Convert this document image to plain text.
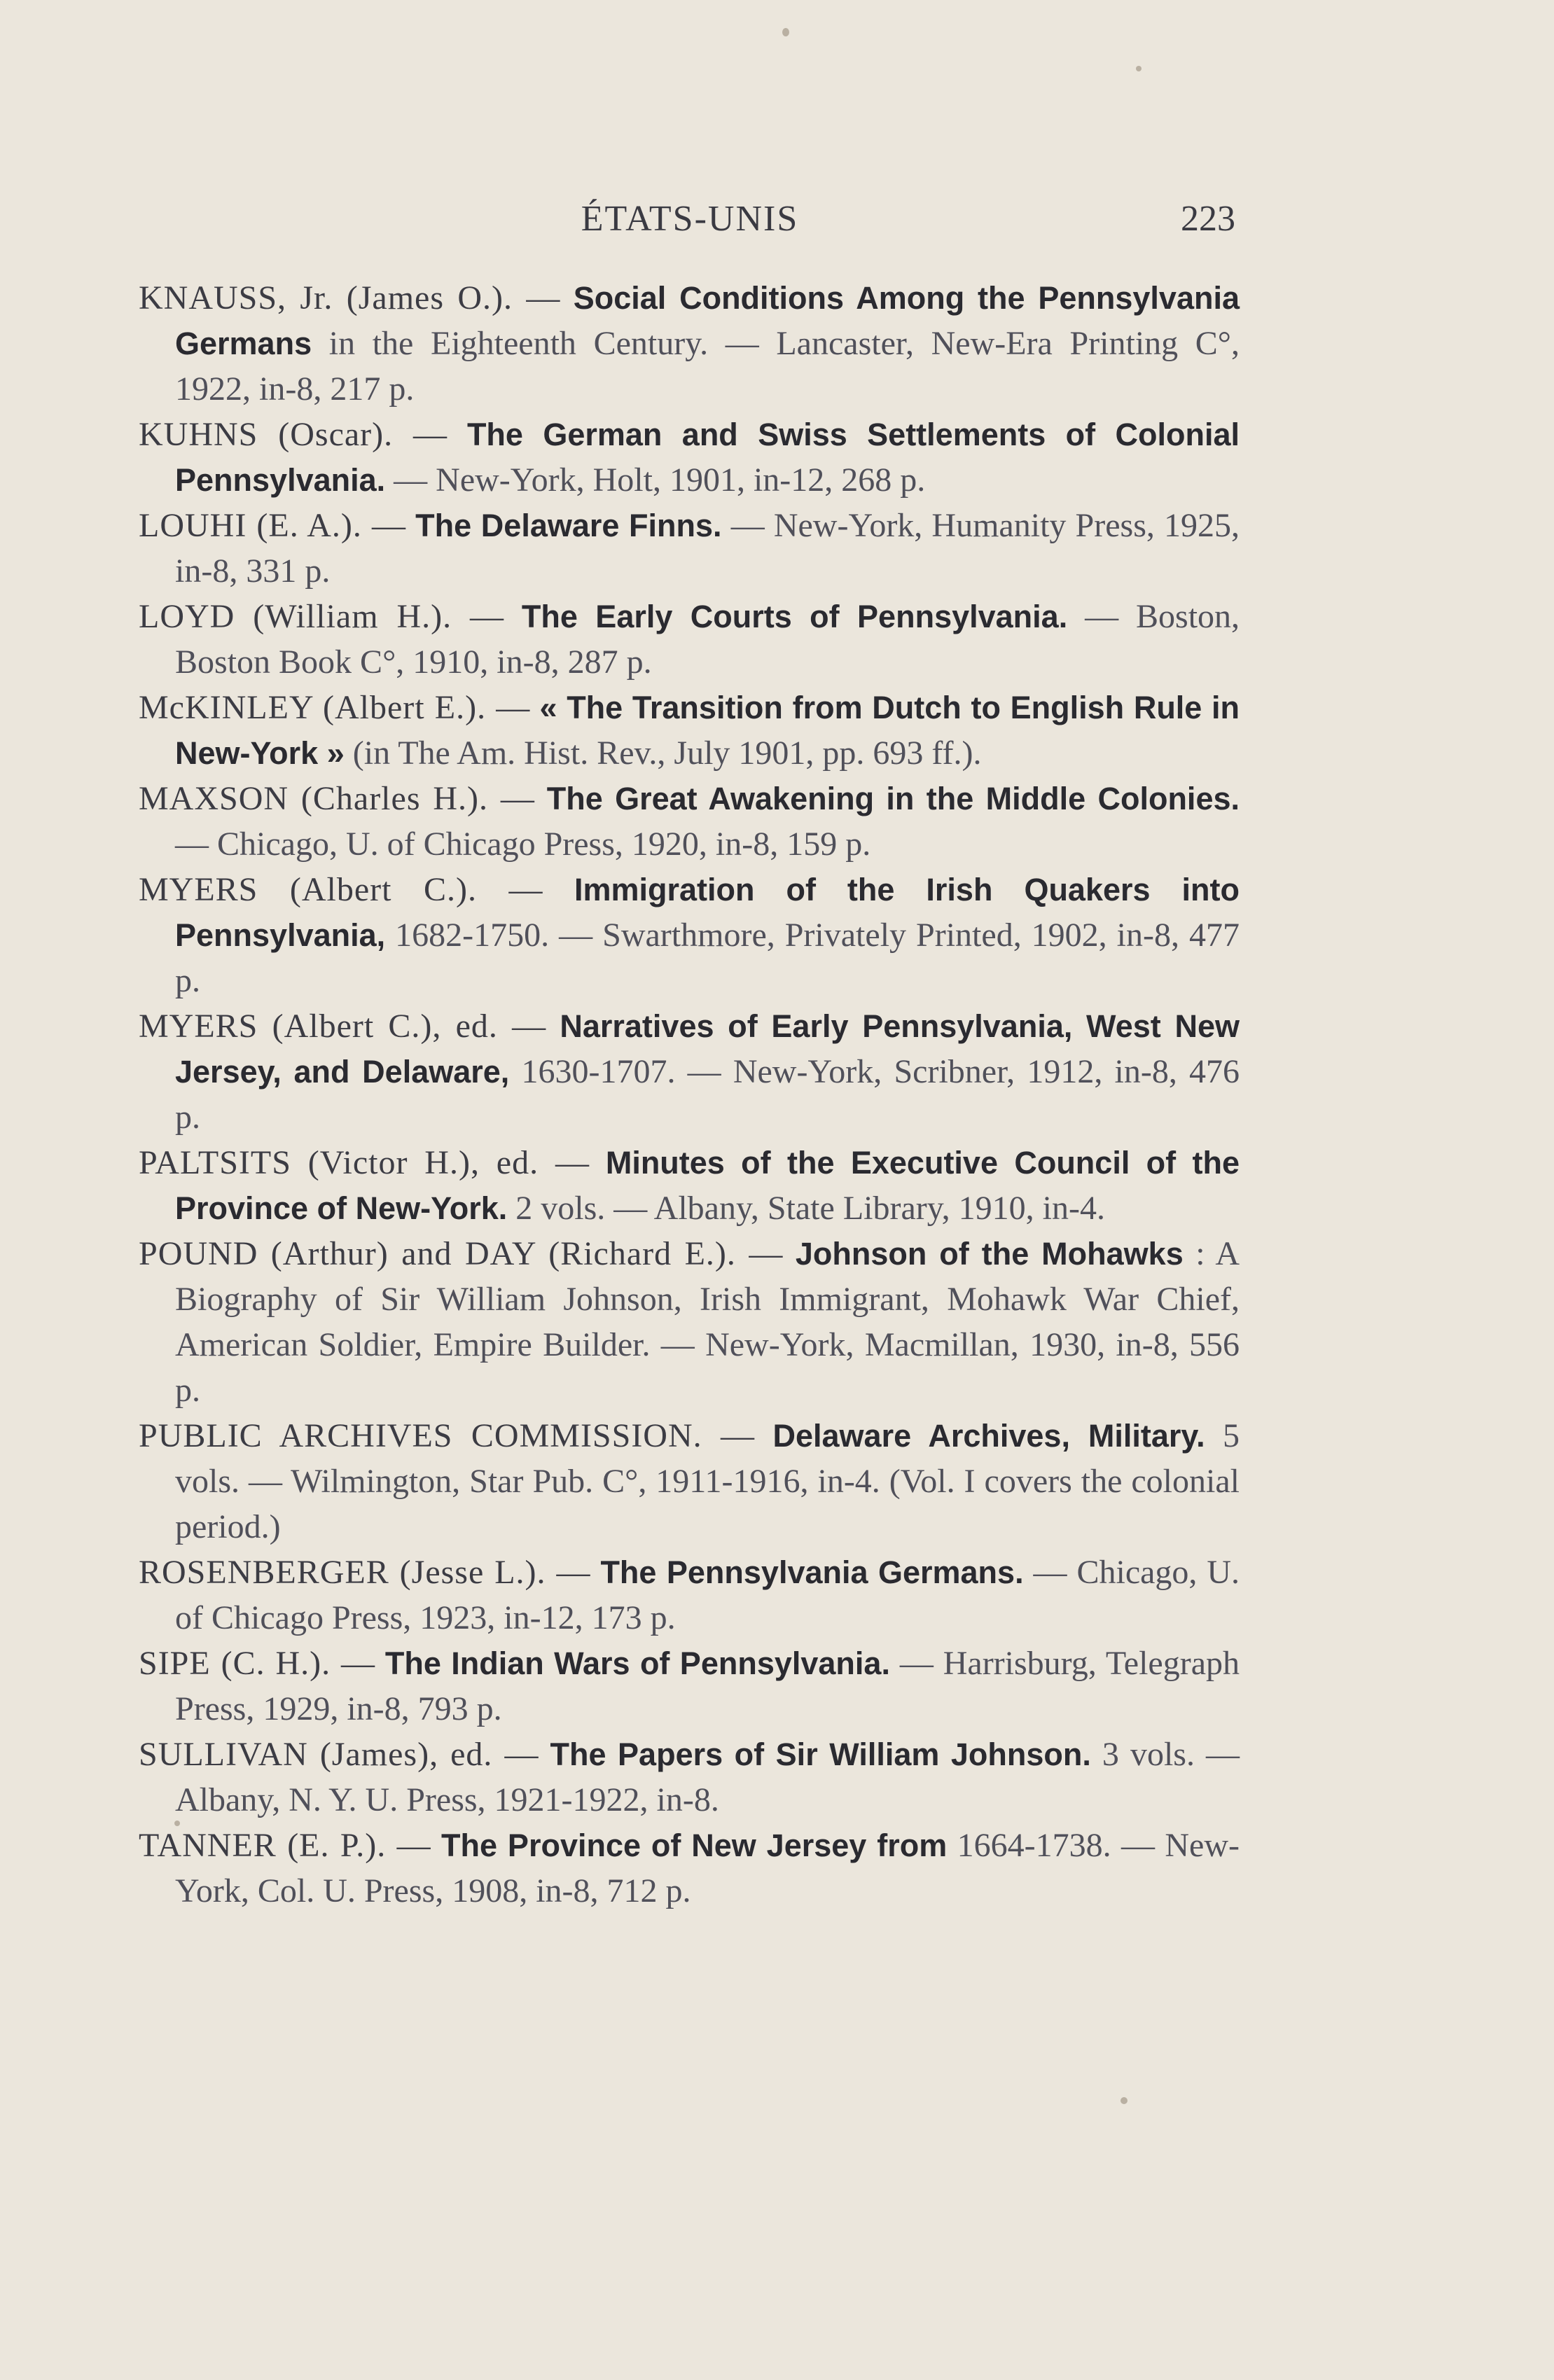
ÉTATS-UNIS	223

KNAUSS, Jr. (James O.). — Social Conditions Among the Pennsylvania Germans in the Eighteenth Century. — Lancaster, New-Era Printing C°, 1922, in-8, 217 p.

KUHNS (Oscar). — The German and Swiss Settlements of Colonial Pennsylvania. — New-York, Holt, 1901, in-12, 268 p.

LOUHI (E. A.). — The Delaware Finns. — New-York, Humanity Press, 1925, in-8, 331 p.

LOYD (William H.). — The Early Courts of Pennsylvania. — Boston, Boston Book C°, 1910, in-8, 287 p.

McKINLEY (Albert E.). — « The Transition from Dutch to English Rule in New-York » (in The Am. Hist. Rev., July 1901, pp. 693 ff.).

MAXSON (Charles H.). — The Great Awakening in the Middle Colonies. — Chicago, U. of Chicago Press, 1920, in-8, 159 p.

MYERS (Albert C.). — Immigration of the Irish Quakers into Pennsylvania, 1682-1750. — Swarthmore, Privately Printed, 1902, in-8, 477 p.

MYERS (Albert C.), ed. — Narratives of Early Pennsylvania, West New Jersey, and Delaware, 1630-1707. — New-York, Scribner, 1912, in-8, 476 p.

PALTSITS (Victor H.), ed. — Minutes of the Executive Council of the Province of New-York. 2 vols. — Albany, State Library, 1910, in-4.

POUND (Arthur) and DAY (Richard E.). — Johnson of the Mohawks : A Biography of Sir William Johnson, Irish Immigrant, Mohawk War Chief, American Soldier, Empire Builder. — New-York, Macmillan, 1930, in-8, 556 p.

PUBLIC ARCHIVES COMMISSION. — Delaware Archives, Military. 5 vols. — Wilmington, Star Pub. C°, 1911-1916, in-4. (Vol. I covers the colonial period.)

ROSENBERGER (Jesse L.). — The Pennsylvania Germans. — Chicago, U. of Chicago Press, 1923, in-12, 173 p.

SIPE (C. H.). — The Indian Wars of Pennsylvania. — Harrisburg, Telegraph Press, 1929, in-8, 793 p.

SULLIVAN (James), ed. — The Papers of Sir William Johnson. 3 vols. — Albany, N. Y. U. Press, 1921-1922, in-8.

TANNER (E. P.). — The Province of New Jersey from 1664-1738. — New-York, Col. U. Press, 1908, in-8, 712 p.
